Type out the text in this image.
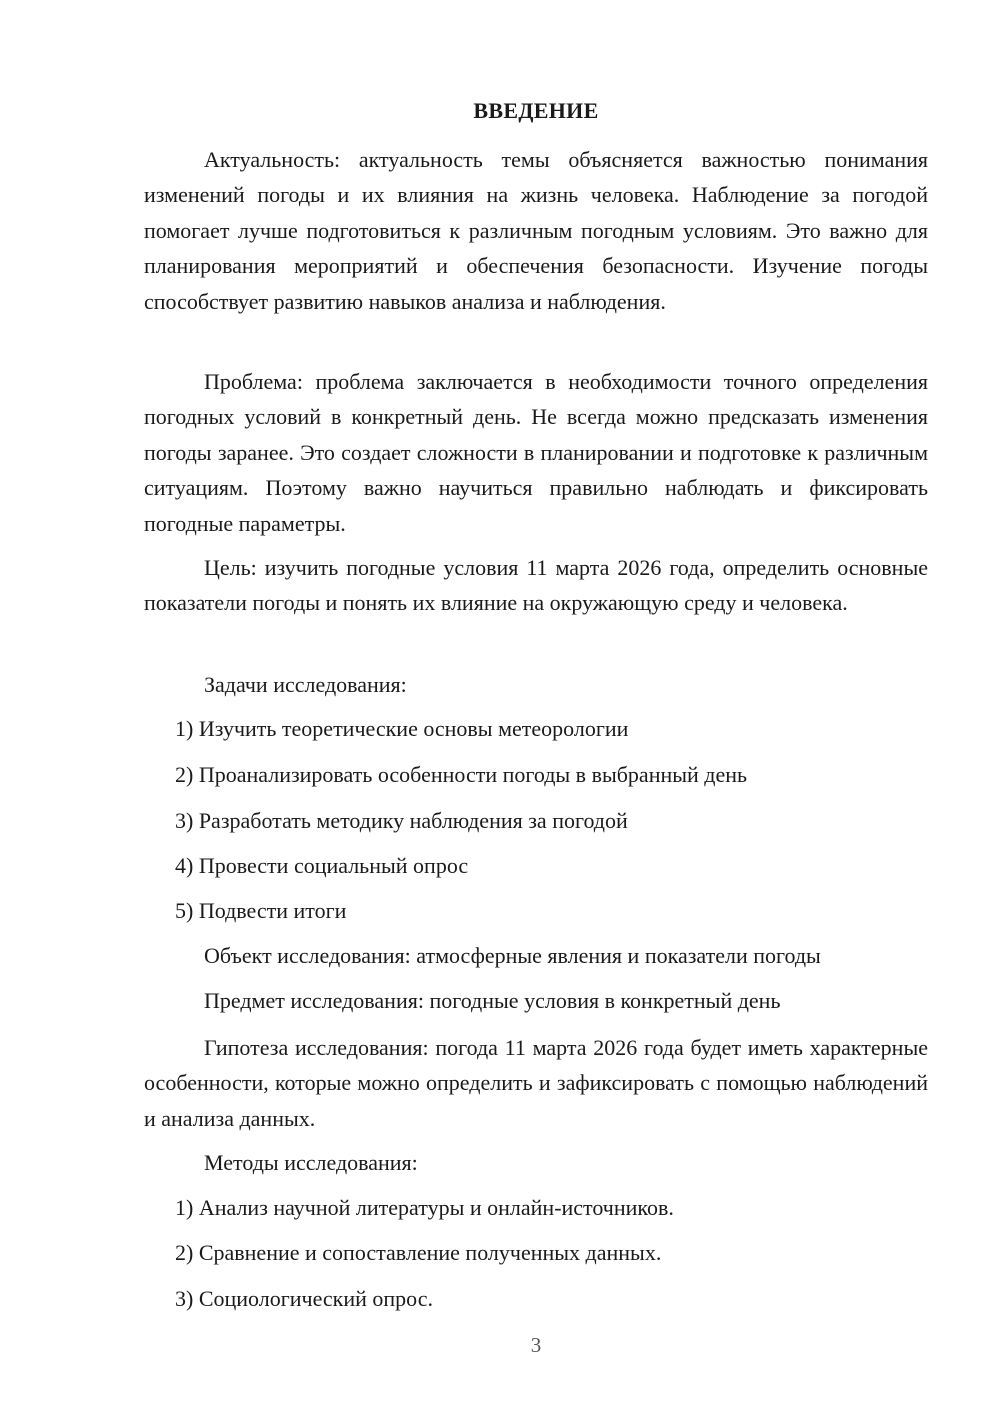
ВВЕДЕНИЕ

Актуальность: актуальность темы объясняется важностью понимания изменений погоды и их влияния на жизнь человека. Наблюдение за погодой помогает лучше подготовиться к различным погодным условиям. Это важно для планирования мероприятий и обеспечения безопасности. Изучение погоды способствует развитию навыков анализа и наблюдения.

Проблема: проблема заключается в необходимости точного определения погодных условий в конкретный день. Не всегда можно предсказать изменения погоды заранее. Это создает сложности в планировании и подготовке к различным ситуациям. Поэтому важно научиться правильно наблюдать и фиксировать погодные параметры.

Цель: изучить погодные условия 11 марта 2026 года, определить основные показатели погоды и понять их влияние на окружающую среду и человека.

Задачи исследования:
1) Изучить теоретические основы метеорологии
2) Проанализировать особенности погоды в выбранный день
3) Разработать методику наблюдения за погодой
4) Провести социальный опрос
5) Подвести итоги
Объект исследования: атмосферные явления и показатели погоды
Предмет исследования: погодные условия в конкретный день

Гипотеза исследования: погода 11 марта 2026 года будет иметь характерные особенности, которые можно определить и зафиксировать с помощью наблюдений и анализа данных.

Методы исследования:
1) Анализ научной литературы и онлайн-источников.
2) Сравнение и сопоставление полученных данных.
3) Социологический опрос.
3
